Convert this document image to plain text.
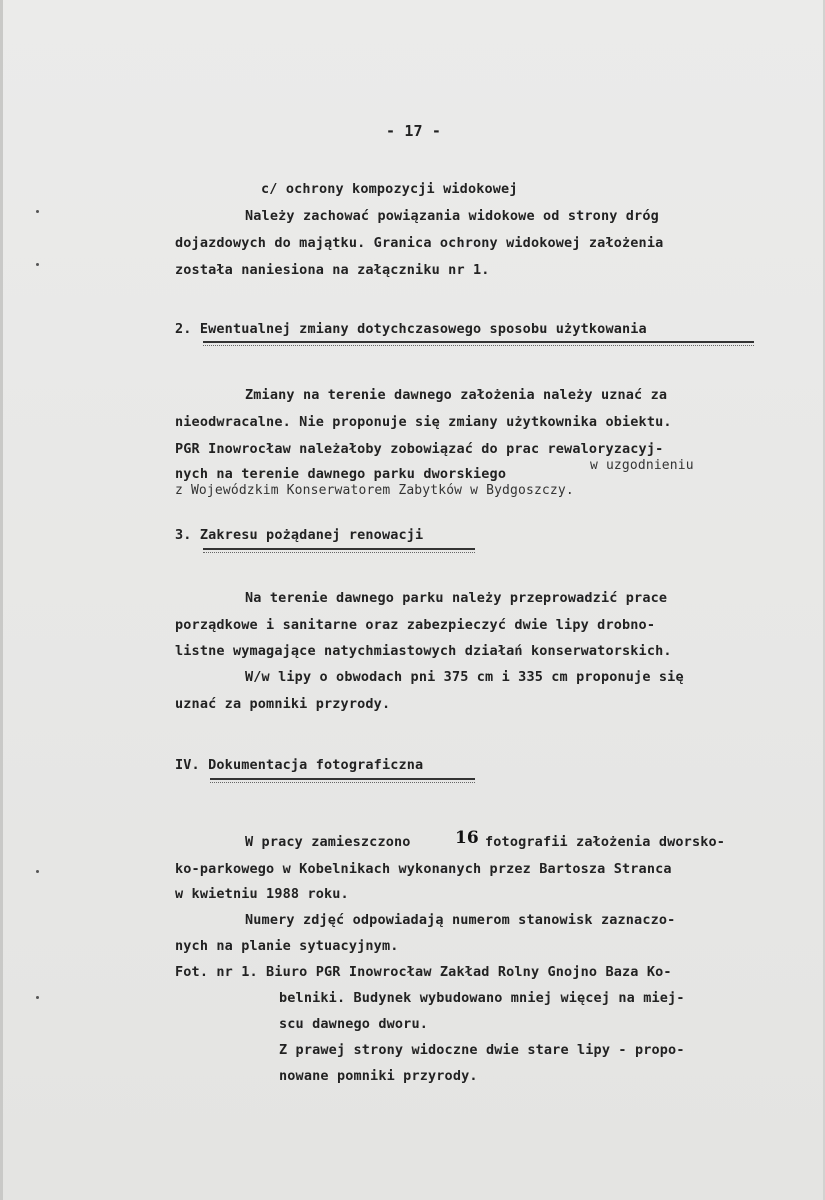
- 17 -
c/ ochrony kompozycji widokowej
Należy zachować powiązania widokowe od strony dróg
dojazdowych do majątku. Granica ochrony widokowej założenia
została naniesiona na załączniku nr 1.
2. Ewentualnej zmiany dotychczasowego sposobu użytkowania
Zmiany na terenie dawnego założenia należy uznać za
nieodwracalne. Nie proponuje się zmiany użytkownika obiektu.
PGR Inowrocław należałoby zobowiązać do prac rewaloryzacyj-
nych na terenie dawnego parku dworskiego
w uzgodnieniu
z Wojewódzkim Konserwatorem Zabytków w Bydgoszczy.
3. Zakresu pożądanej renowacji
Na terenie dawnego parku należy przeprowadzić prace
porządkowe i sanitarne oraz zabezpieczyć dwie lipy drobno-
listne wymagające natychmiastowych działań konserwatorskich.
W/w lipy o obwodach pni 375 cm i 335 cm proponuje się
uznać za pomniki przyrody.
IV. Dokumentacja fotograficzna
W pracy zamieszczono	16 fotografii założenia dworsko-
ko-parkowego w Kobelnikach wykonanych przez Bartosza Stranca
w kwietniu 1988 roku.
Numery zdjęć odpowiadają numerom stanowisk zaznaczo-
nych na planie sytuacyjnym.
Fot. nr 1. Biuro PGR Inowrocław Zakład Rolny Gnojno Baza Ko-
belniki. Budynek wybudowano mniej więcej na miej-
scu dawnego dworu.
Z prawej strony widoczne dwie stare lipy - propo-
nowane pomniki przyrody.
